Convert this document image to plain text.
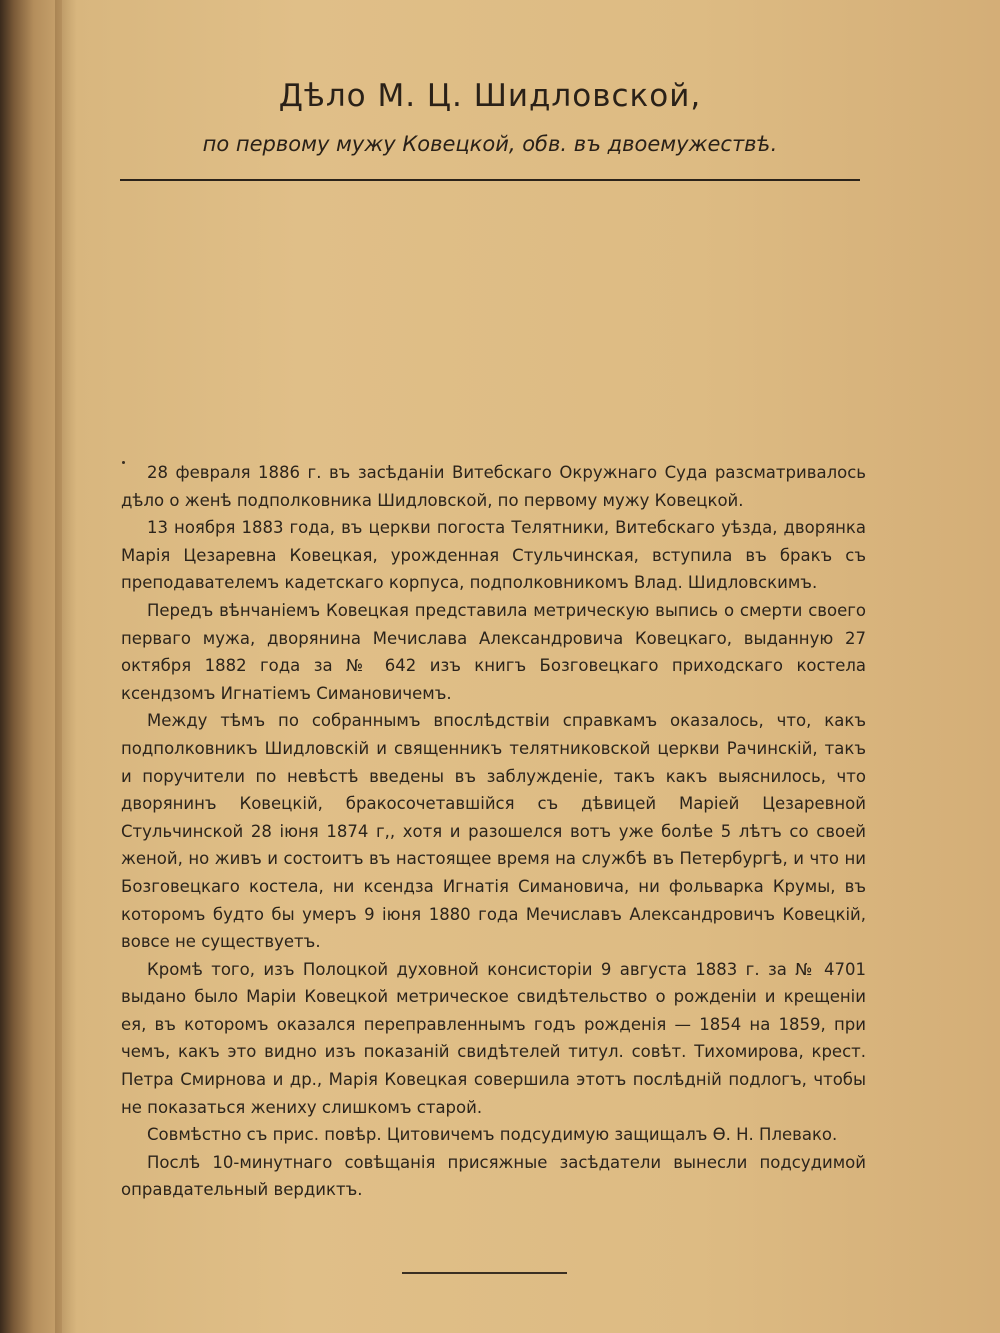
Дѣло М. Ц. Шидловской,
по первому мужу Ковецкой, обв. въ двоемужествѣ.

28 февраля 1886 г. въ засѣданіи Витебскаго Окружнаго Суда разсматривалось дѣло о женѣ подполковника Шидловской, по первому мужу Ковецкой.

13 ноября 1883 года, въ церкви погоста Телятники, Витебскаго уѣзда, дворянка Марія Цезаревна Ковецкая, урожденная Стульчинская, вступила въ бракъ съ преподавателемъ кадетскаго корпуса, подполковникомъ Влад. Шидловскимъ.

Передъ вѣнчаніемъ Ковецкая представила метрическую выпись о смерти своего перваго мужа, дворянина Мечислава Александровича Ковецкаго, выданную 27 октября 1882 года за № 642 изъ книгъ Бозговецкаго приходскаго костела ксендзомъ Игнатіемъ Симановичемъ.

Между тѣмъ по собраннымъ впослѣдствіи справкамъ оказалось, что, какъ подполковникъ Шидловскій и священникъ телятниковской церкви Рачинскій, такъ и поручители по невѣстѣ введены въ заблужденіе, такъ какъ выяснилось, что дворянинъ Ковецкій, бракосочетавшійся съ дѣвицей Маріей Цезаревной Стульчинской 28 іюня 1874 г,, хотя и разошелся вотъ уже болѣе 5 лѣтъ со своей женой, но живъ и состоитъ въ настоящее время на службѣ въ Петербургѣ, и что ни Бозговецкаго костела, ни ксендза Игнатія Симановича, ни фольварка Крумы, въ которомъ будто бы умеръ 9 іюня 1880 года Мечиславъ Александровичъ Ковецкій, вовсе не существуетъ.

Кромѣ того, изъ Полоцкой духовной консисторіи 9 августа 1883 г. за № 4701 выдано было Маріи Ковецкой метрическое свидѣтельство о рожденіи и крещеніи ея, въ которомъ оказался переправленнымъ годъ рожденія — 1854 на 1859, при чемъ, какъ это видно изъ показаній свидѣтелей титул. совѣт. Тихомирова, крест. Петра Смирнова и др., Марія Ковецкая совершила этотъ послѣдній подлогъ, чтобы не показаться жениху слишкомъ старой.

Совмѣстно съ прис. повѣр. Цитовичемъ подсудимую защищалъ Ѳ. Н. Плевако.

Послѣ 10-минутнаго совѣщанія присяжные засѣдатели вынесли подсудимой оправдательный вердиктъ.
